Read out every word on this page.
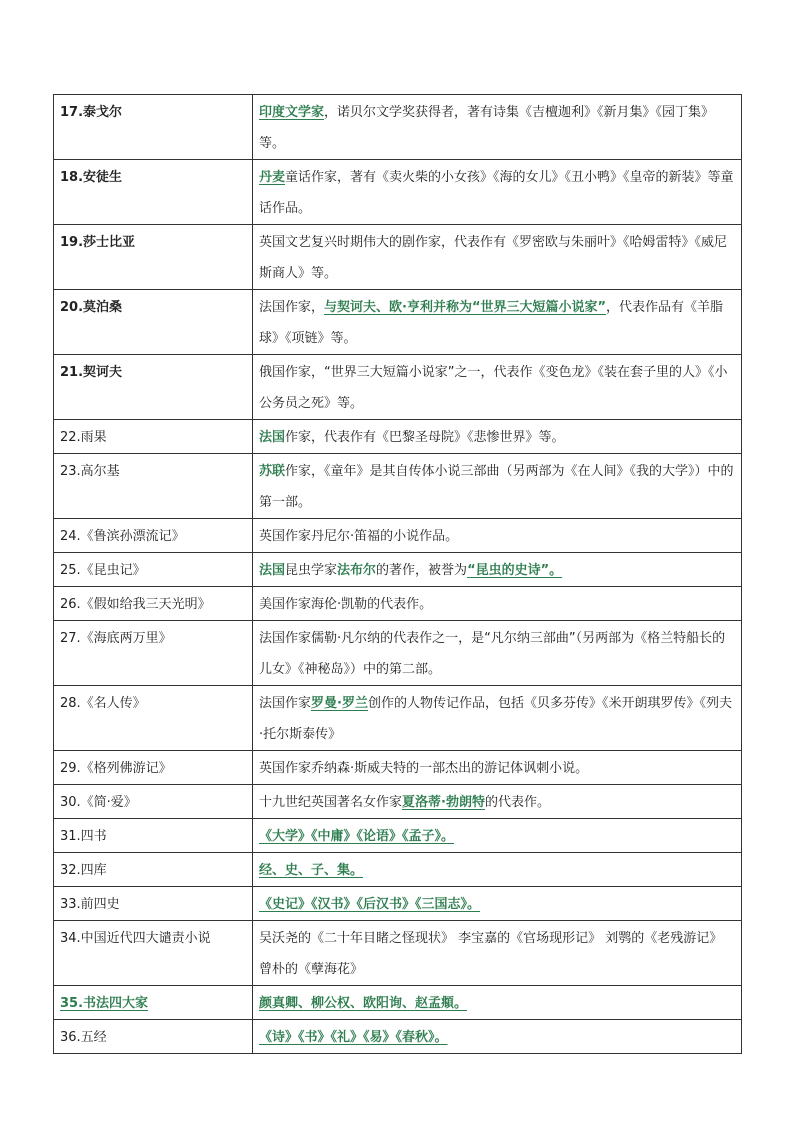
17.泰戈尔	印度文学家，诺贝尔文学奖获得者，著有诗集《吉檀迦利》《新月集》《园丁集》等。
18.安徒生	丹麦童话作家，著有《卖火柴的小女孩》《海的女儿》《丑小鸭》《皇帝的新装》等童话作品。
19.莎士比亚	英国文艺复兴时期伟大的剧作家，代表作有《罗密欧与朱丽叶》《哈姆雷特》《威尼斯商人》等。
20.莫泊桑	法国作家，与契诃夫、欧·亨利并称为“世界三大短篇小说家”，代表作品有《羊脂球》《项链》等。
21.契诃夫	俄国作家，“世界三大短篇小说家”之一，代表作《变色龙》《装在套子里的人》《小公务员之死》等。
22.雨果	法国作家，代表作有《巴黎圣母院》《悲惨世界》等。
23.高尔基	苏联作家，《童年》是其自传体小说三部曲（另两部为《在人间》《我的大学》）中的第一部。
24.《鲁滨孙漂流记》	英国作家丹尼尔·笛福的小说作品。
25.《昆虫记》	法国昆虫学家法布尔的著作，被誉为“昆虫的史诗”。
26.《假如给我三天光明》	美国作家海伦·凯勒的代表作。
27.《海底两万里》	法国作家儒勒·凡尔纳的代表作之一，是“凡尔纳三部曲”（另两部为《格兰特船长的儿女》《神秘岛》）中的第二部。
28.《名人传》	法国作家罗曼·罗兰创作的人物传记作品，包括《贝多芬传》《米开朗琪罗传》《列夫·托尔斯泰传》
29.《格列佛游记》	英国作家乔纳森·斯威夫特的一部杰出的游记体讽刺小说。
30.《简·爱》	十九世纪英国著名女作家夏洛蒂·勃朗特的代表作。
31.四书	《大学》《中庸》《论语》《孟子》。
32.四库	经、史、子、集。
33.前四史	《史记》《汉书》《后汉书》《三国志》。
34.中国近代四大谴责小说	吴沃尧的《二十年目睹之怪现状》 李宝嘉的《官场现形记》 刘鹗的《老残游记》 曾朴的《孽海花》
35.书法四大家	颜真卿、柳公权、欧阳询、赵孟頫。
36.五经	《诗》《书》《礼》《易》《春秋》。
